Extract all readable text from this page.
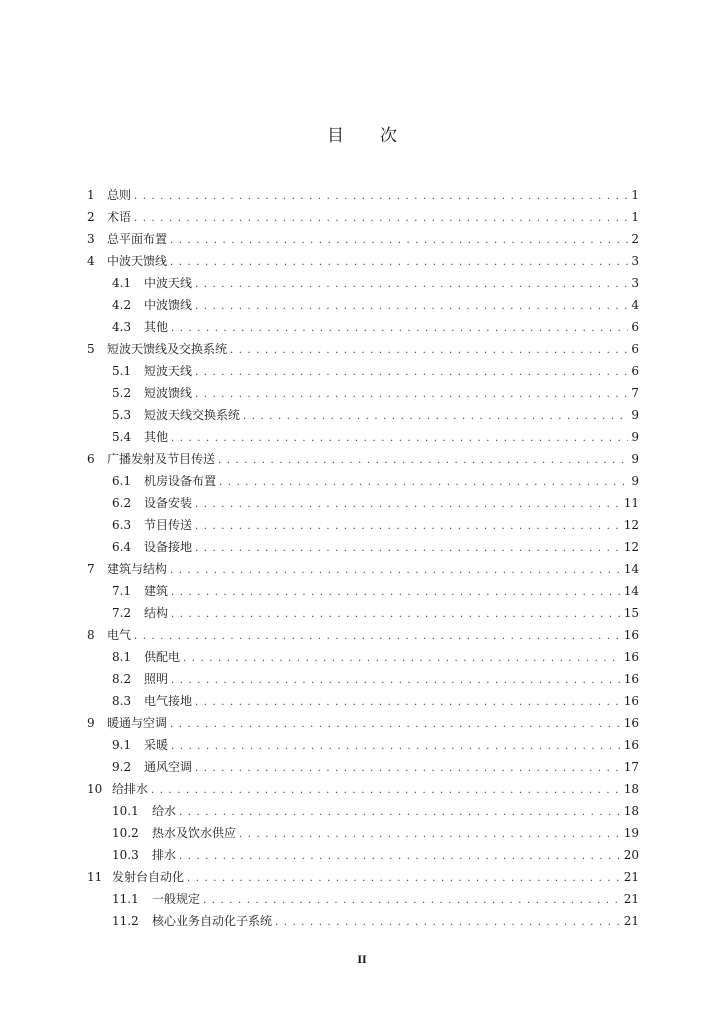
目 次
1	总则 . . .	1
2	术语 . . .	1
3	总平面布置 . . .	2
4	中波天馈线 . . .	3
4.1	中波天线 . . .	3
4.2	中波馈线 . . .	4
4.3	其他 . . .	6
5	短波天馈线及交换系统 . . .	6
5.1	短波天线 . . .	6
5.2	短波馈线 . . .	7
5.3	短波天线交换系统 . . .	9
5.4	其他 . . .	9
6	广播发射及节目传送 . . .	9
6.1	机房设备布置 . . .	9
6.2	设备安装 . . .	11
6.3	节目传送 . . .	12
6.4	设备接地 . . .	12
7	建筑与结构 . . .	14
7.1	建筑 . . .	14
7.2	结构 . . .	15
8	电气 . . .	16
8.1	供配电 . . .	16
8.2	照明 . . .	16
8.3	电气接地 . . .	16
9	暖通与空调 . . .	16
9.1	采暖 . . .	16
9.2	通风空调 . . .	17
10 给排水 . . .	18
10.1	给水 . . .	18
10.2	热水及饮水供应 . . .	19
10.3	排水 . . .	20
11 发射台自动化 . . .	21
11.1	一般规定 . . .	21
11.2	核心业务自动化子系统 . . .	21
II
